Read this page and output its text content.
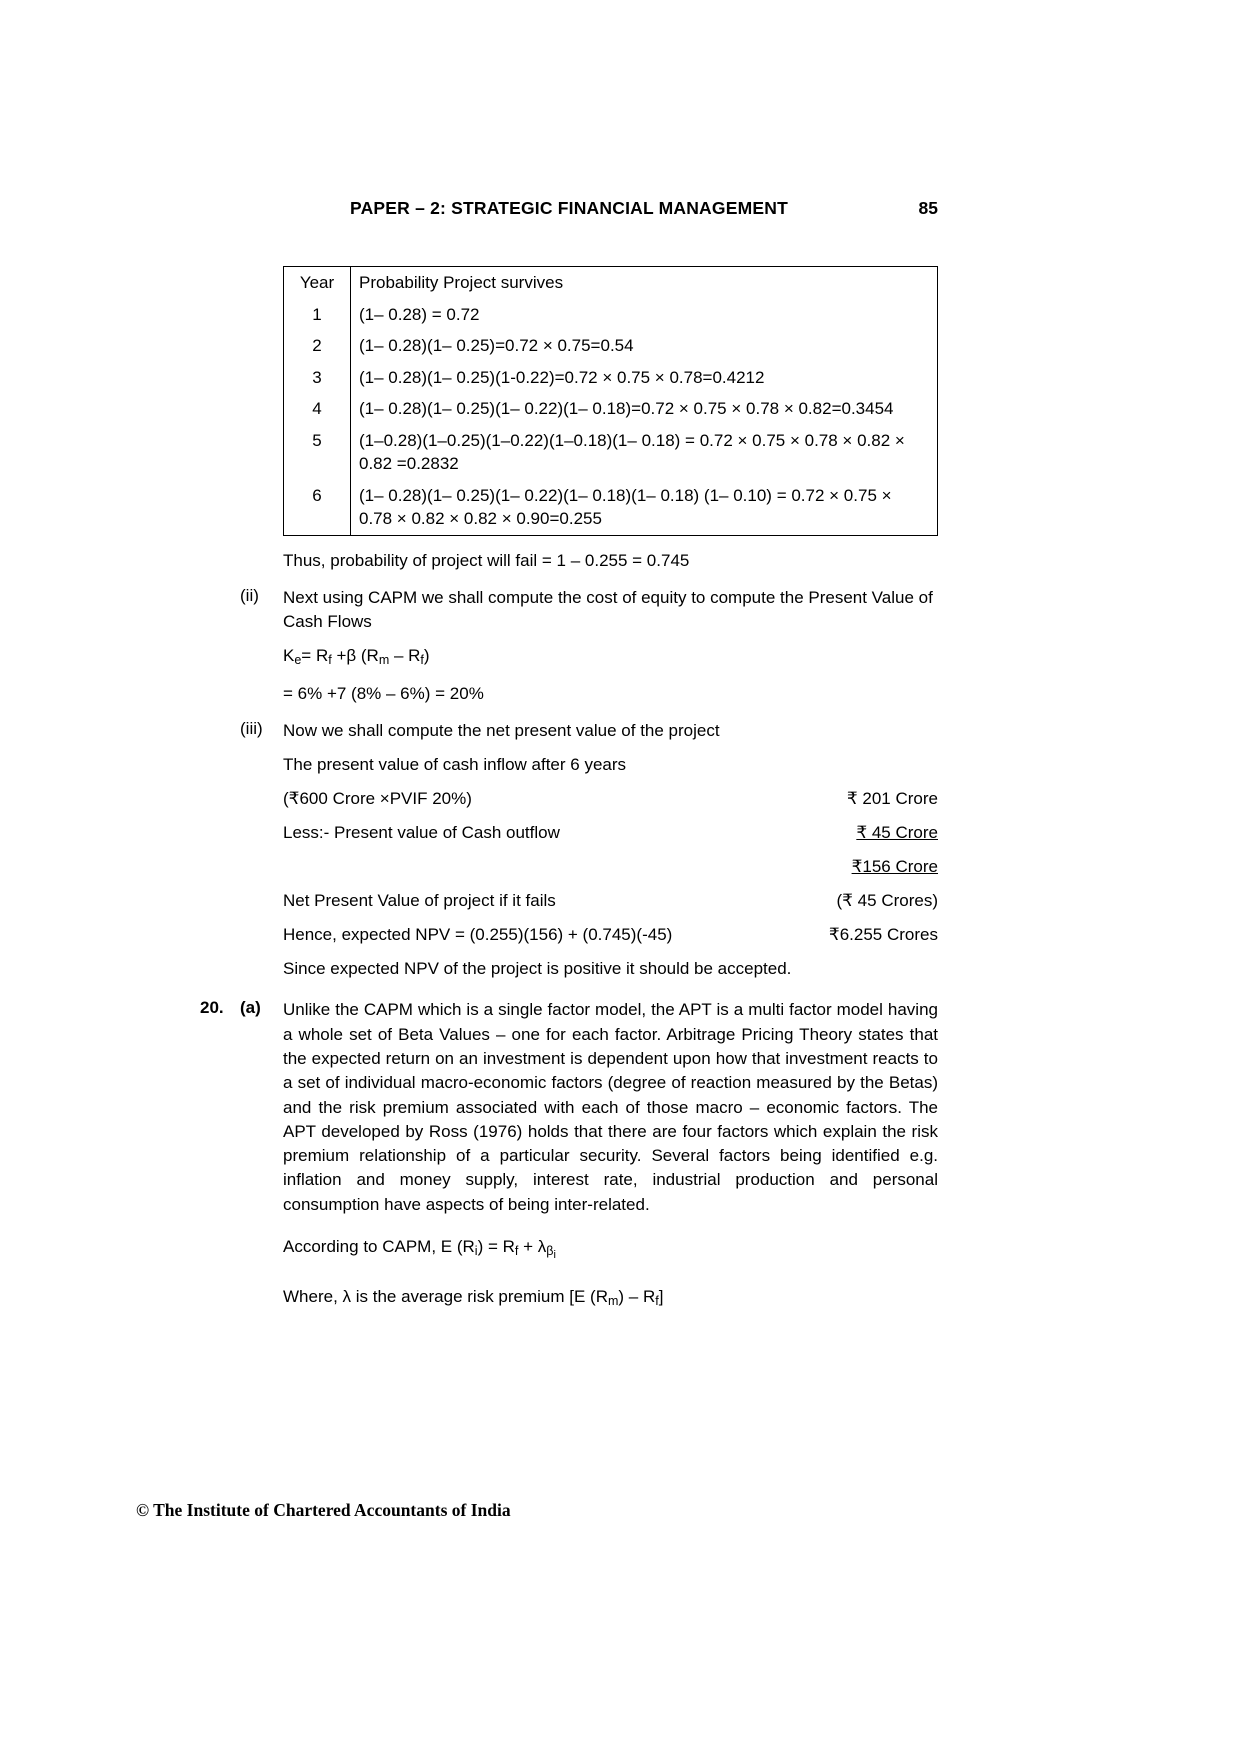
PAPER – 2: STRATEGIC FINANCIAL MANAGEMENT	85
Year	Probability Project survives
1	(1– 0.28) = 0.72
2	(1– 0.28)(1– 0.25)=0.72 × 0.75=0.54
3	(1– 0.28)(1– 0.25)(1-0.22)=0.72 × 0.75 × 0.78=0.4212
4	(1– 0.28)(1– 0.25)(1– 0.22)(1– 0.18)=0.72 × 0.75 × 0.78 × 0.82=0.3454
5	(1–0.28)(1–0.25)(1–0.22)(1–0.18)(1– 0.18) = 0.72 × 0.75 × 0.78 × 0.82 × 0.82 =0.2832
6	(1– 0.28)(1– 0.25)(1– 0.22)(1– 0.18)(1– 0.18) (1– 0.10) = 0.72 × 0.75 × 0.78 × 0.82 × 0.82 × 0.90=0.255
Thus, probability of project will fail = 1 – 0.255 = 0.745
(ii) Next using CAPM we shall compute the cost of equity to compute the Present Value of Cash Flows
$K_e= R_f +\beta$ $(R_m - R_f)$
= 6% +7 (8% – 6%) = 20%
(iii) Now we shall compute the net present value of the project
The present value of cash inflow after 6 years
(₹600 Crore ×PVIF 20%)	₹ 201 Crore
Less:- Present value of Cash outflow	₹ 45 Crore
₹156 Crore
Net Present Value of project if it fails	(₹ 45 Crores)
Hence, expected NPV = (0.255)(156) + (0.745)(-45)	₹6.255 Crores
Since expected NPV of the project is positive it should be accepted.
20. (a) Unlike the CAPM which is a single factor model, the APT is a multi factor model having a whole set of Beta Values – one for each factor. Arbitrage Pricing Theory states that the expected return on an investment is dependent upon how that investment reacts to a set of individual macro-economic factors (degree of reaction measured by the Betas) and the risk premium associated with each of those macro – economic factors. The APT developed by Ross (1976) holds that there are four factors which explain the risk premium relationship of a particular security. Several factors being identified e.g. inflation and money supply, interest rate, industrial production and personal consumption have aspects of being inter-related.

According to CAPM, E $(R_i) = R_f + \lambda_{\beta i}$
Where, λ is the average risk premium [E $(R_m) - R_f$]
© The Institute of Chartered Accountants of India
